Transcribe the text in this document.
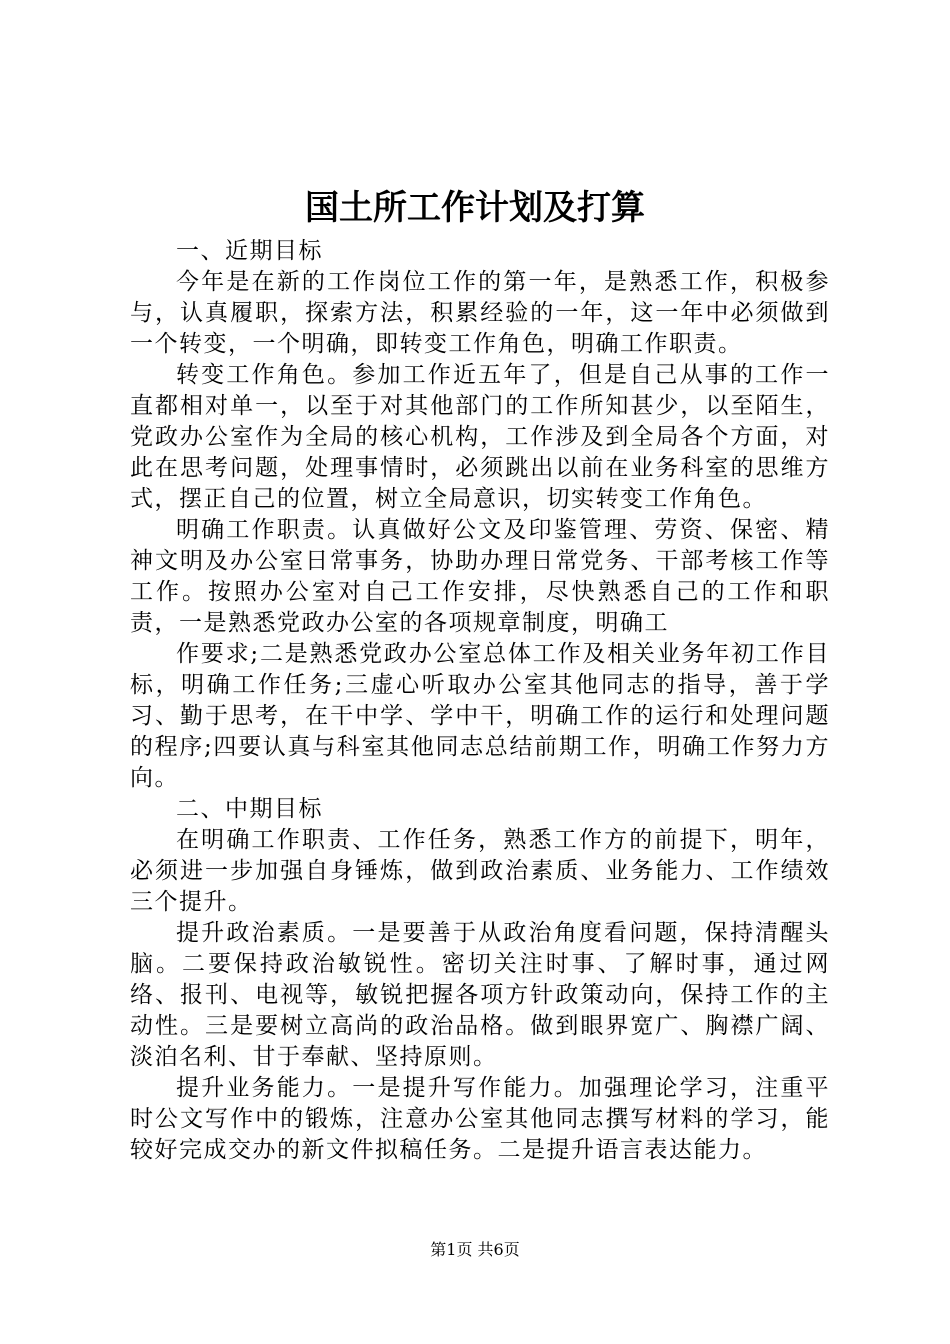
国土所工作计划及打算

一、近期目标

今年是在新的工作岗位工作的第一年，是熟悉工作，积极参与，认真履职，探索方法，积累经验的一年，这一年中必须做到一个转变，一个明确，即转变工作角色，明确工作职责。

转变工作角色。参加工作近五年了，但是自己从事的工作一直都相对单一，以至于对其他部门的工作所知甚少，以至陌生，党政办公室作为全局的核心机构，工作涉及到全局各个方面，对此在思考问题，处理事情时，必须跳出以前在业务科室的思维方式，摆正自己的位置，树立全局意识，切实转变工作角色。

明确工作职责。认真做好公文及印鉴管理、劳资、保密、精神文明及办公室日常事务，协助办理日常党务、干部考核工作等工作。按照办公室对自己工作安排，尽快熟悉自己的工作和职责，一是熟悉党政办公室的各项规章制度，明确工

作要求;二是熟悉党政办公室总体工作及相关业务年初工作目标，明确工作任务;三虚心听取办公室其他同志的指导，善于学习、勤于思考，在干中学、学中干，明确工作的运行和处理问题的程序;四要认真与科室其他同志总结前期工作，明确工作努力方向。

二、中期目标

在明确工作职责、工作任务，熟悉工作方的前提下，明年，必须进一步加强自身锤炼，做到政治素质、业务能力、工作绩效三个提升。

提升政治素质。一是要善于从政治角度看问题，保持清醒头脑。二要保持政治敏锐性。密切关注时事、了解时事，通过网络、报刊、电视等，敏锐把握各项方针政策动向，保持工作的主动性。三是要树立高尚的政治品格。做到眼界宽广、胸襟广阔、淡泊名利、甘于奉献、坚持原则。

提升业务能力。一是提升写作能力。加强理论学习，注重平时公文写作中的锻炼，注意办公室其他同志撰写材料的学习，能较好完成交办的新文件拟稿任务。二是提升语言表达能力。

第1页 共6页
